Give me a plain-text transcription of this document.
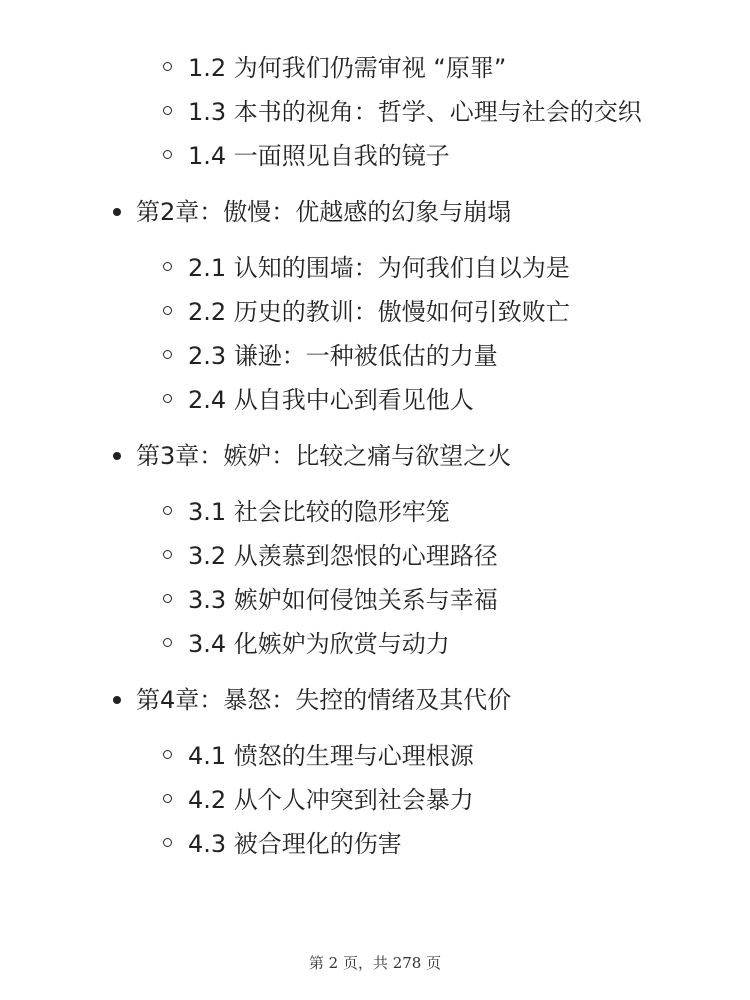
1.2 为何我们仍需审视 “原罪”
1.3 本书的视角：哲学、心理与社会的交织
1.4 一面照见自我的镜子
第2章：傲慢：优越感的幻象与崩塌
2.1 认知的围墙：为何我们自以为是
2.2 历史的教训：傲慢如何引致败亡
2.3 谦逊：一种被低估的力量
2.4 从自我中心到看见他人
第3章：嫉妒：比较之痛与欲望之火
3.1 社会比较的隐形牢笼
3.2 从羡慕到怨恨的心理路径
3.3 嫉妒如何侵蚀关系与幸福
3.4 化嫉妒为欣赏与动力
第4章：暴怒：失控的情绪及其代价
4.1 愤怒的生理与心理根源
4.2 从个人冲突到社会暴力
4.3 被合理化的伤害
第 2 页，共 278 页
